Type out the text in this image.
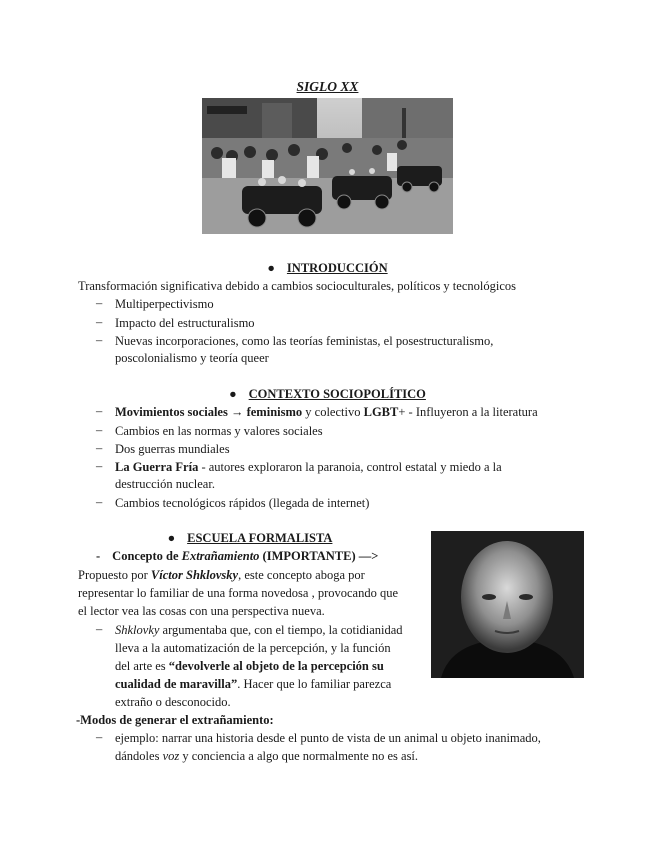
SIGLO XX
● INTRODUCCIÓN
Transformación significativa debido a cambios socioculturales, políticos y tecnológicos
– Multiperpectivismo
– Impacto del estructuralismo
– Nuevas incorporaciones, como las teorías feministas, el posestructuralismo,
poscolonialismo y teoría queer
● CONTEXTO SOCIOPOLÍTICO
– Movimientos sociales → feminismo y colectivo LGBT+ - Influyeron a la literatura
– Cambios en las normas y valores sociales
– Dos guerras mundiales
– La Guerra Fría - autores exploraron la paranoia, control estatal y miedo a la
destrucción nuclear.
– Cambios tecnológicos rápidos (llegada de internet)
● ESCUELA FORMALISTA
- Concepto de Extrañamiento (IMPORTANTE) —>
Propuesto por Víctor Shklovsky, este concepto aboga por
representar lo familiar de una forma novedosa , provocando que
el lector vea las cosas con una perspectiva nueva.
– Shklovky argumentaba que, con el tiempo, la cotidianidad
lleva a la automatización de la percepción, y la función
del arte es “devolverle al objeto de la percepción su
cualidad de maravilla”. Hacer que lo familiar parezca
extraño o desconocido.
-Modos de generar el extrañamiento:
– ejemplo: narrar una historia desde el punto de vista de un animal u objeto inanimado,
dándoles voz y conciencia a algo que normalmente no es así.
